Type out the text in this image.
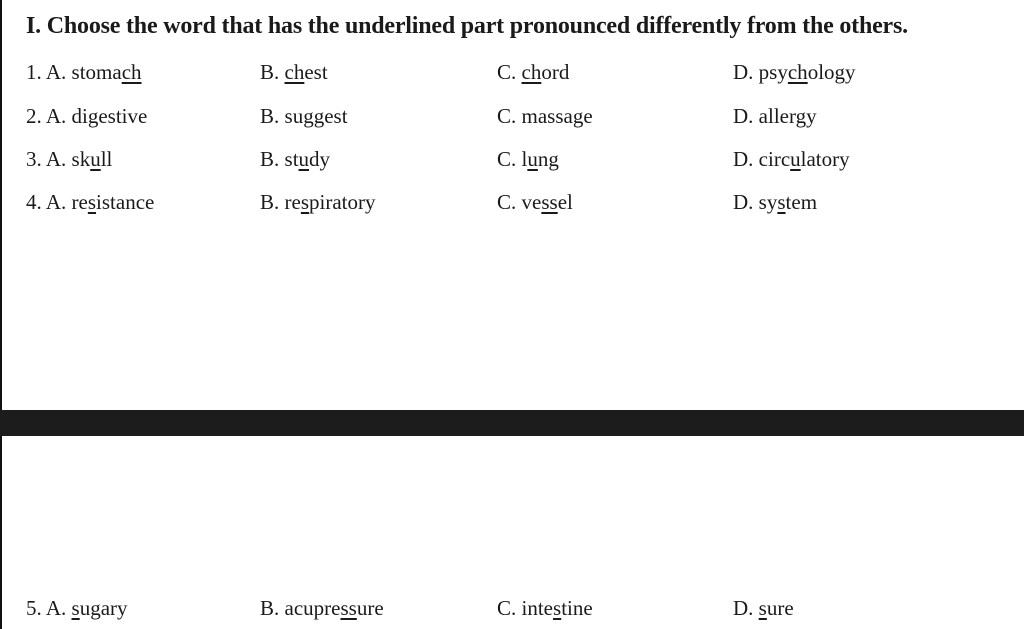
I. Choose the word that has the underlined part pronounced differently from the others.
1. A. stomach	B. chest	C. chord	D. psychology
2. A. digestive	B. suggest	C. massage	D. allergy
3. A. skull	B. study	C. lung	D. circulatory
4. A. resistance	B. respiratory	C. vessel	D. system
5. A. sugary	B. acupressure	C. intestine	D. sure
